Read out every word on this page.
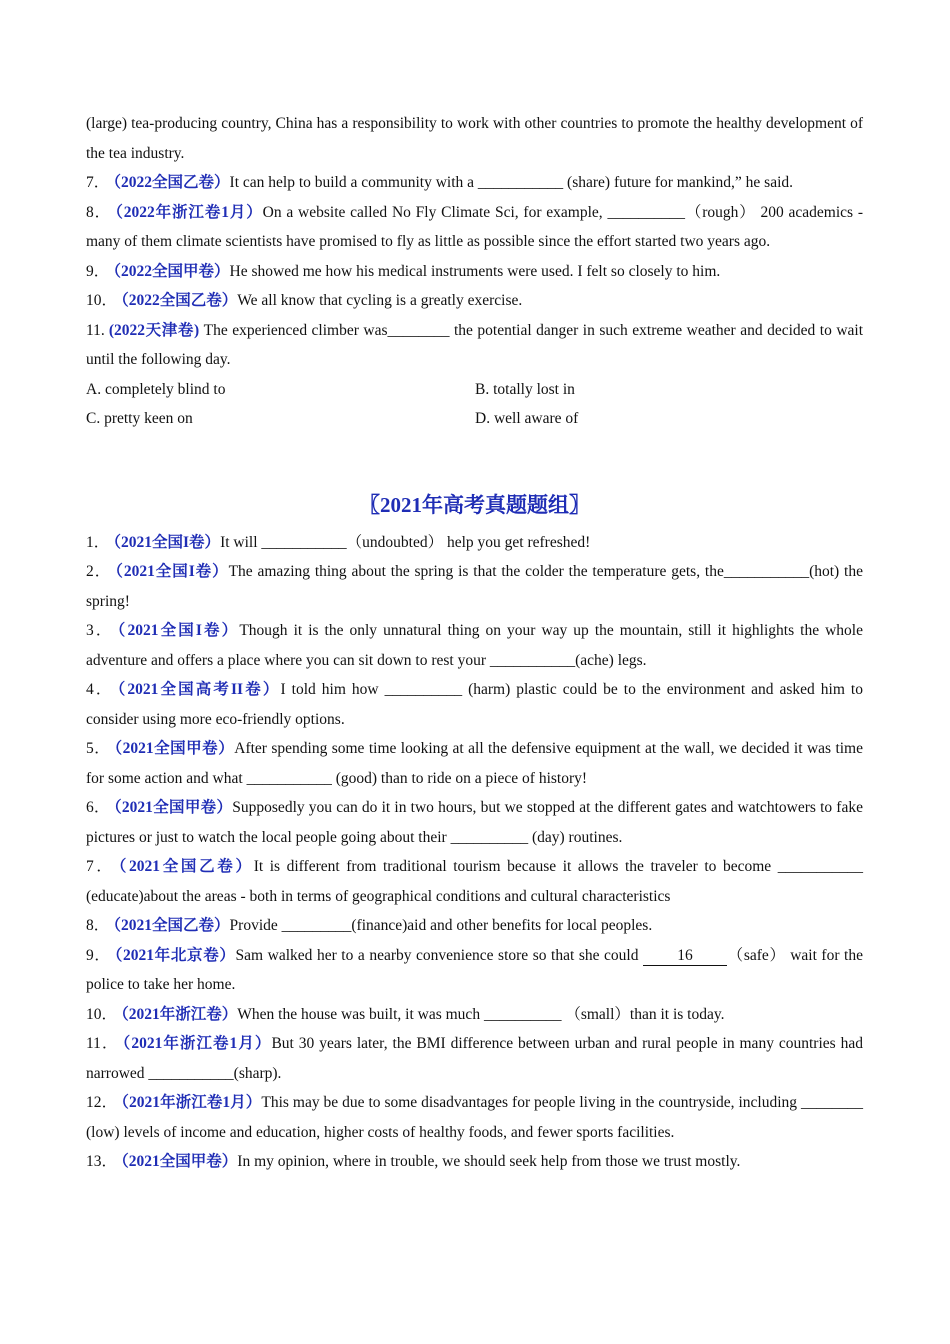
(large) tea-producing country, China has a responsibility to work with other countries to promote the healthy development of the tea industry.

7． （2022全国乙卷）It can help to build a community with a ___________ (share) future for mankind,” he said.

8． （2022年浙江卷1月）On a website called No Fly Climate Sci, for example, __________（rough） 200 academics - many of them climate scientists have promised to fly as little as possible since the effort started two years ago.

9． （2022全国甲卷）He showed me how his medical instruments were used. I felt so closely to him.

10． （2022全国乙卷）We all know that cycling is a greatly exercise.

11. (2022天津卷) The experienced climber was________ the potential danger in such extreme weather and decided to wait until the following day.

A. completely blind to	B. totally lost in

C. pretty keen on	D. well aware of

〖2021年高考真题题组〗

1． （2021全国I卷）It will ___________（undoubted） help you get refreshed!

2． （2021全国I卷）The amazing thing about the spring is that the colder the temperature gets, the___________(hot) the spring!

3． （2021全国I卷）Though it is the only unnatural thing on your way up the mountain, still it highlights the whole adventure and offers a place where you can sit down to rest your ___________(ache) legs.

4． （2021全国高考II卷）I told him how __________ (harm) plastic could be to the environment and asked him to consider using more eco-friendly options.

5． （2021全国甲卷）After spending some time looking at all the defensive equipment at the wall, we decided it was time for some action and what ___________ (good) than to ride on a piece of history!

6． （2021全国甲卷）Supposedly you can do it in two hours, but we stopped at the different gates and watchtowers to fake pictures or just to watch the local people going about their __________ (day) routines.

7． （2021全国乙卷）It is different from traditional tourism because it allows the traveler to become ___________ (educate)about the areas - both in terms of geographical conditions and cultural characteristics

8． （2021全国乙卷）Provide _________(finance)aid and other benefits for local peoples.

9． （2021年北京卷）Sam walked her to a nearby convenience store so that she could 16 （safe） wait for the police to take her home.

10． （2021年浙江卷）When the house was built, it was much __________ （small）than it is today.

11． （2021年浙江卷1月）But 30 years later, the BMI difference between urban and rural people in many countries had narrowed ___________(sharp).

12． （2021年浙江卷1月）This may be due to some disadvantages for people living in the countryside, including ________ (low) levels of income and education, higher costs of healthy foods, and fewer sports facilities.

13． （2021全国甲卷）In my opinion, where in trouble, we should seek help from those we trust mostly.
